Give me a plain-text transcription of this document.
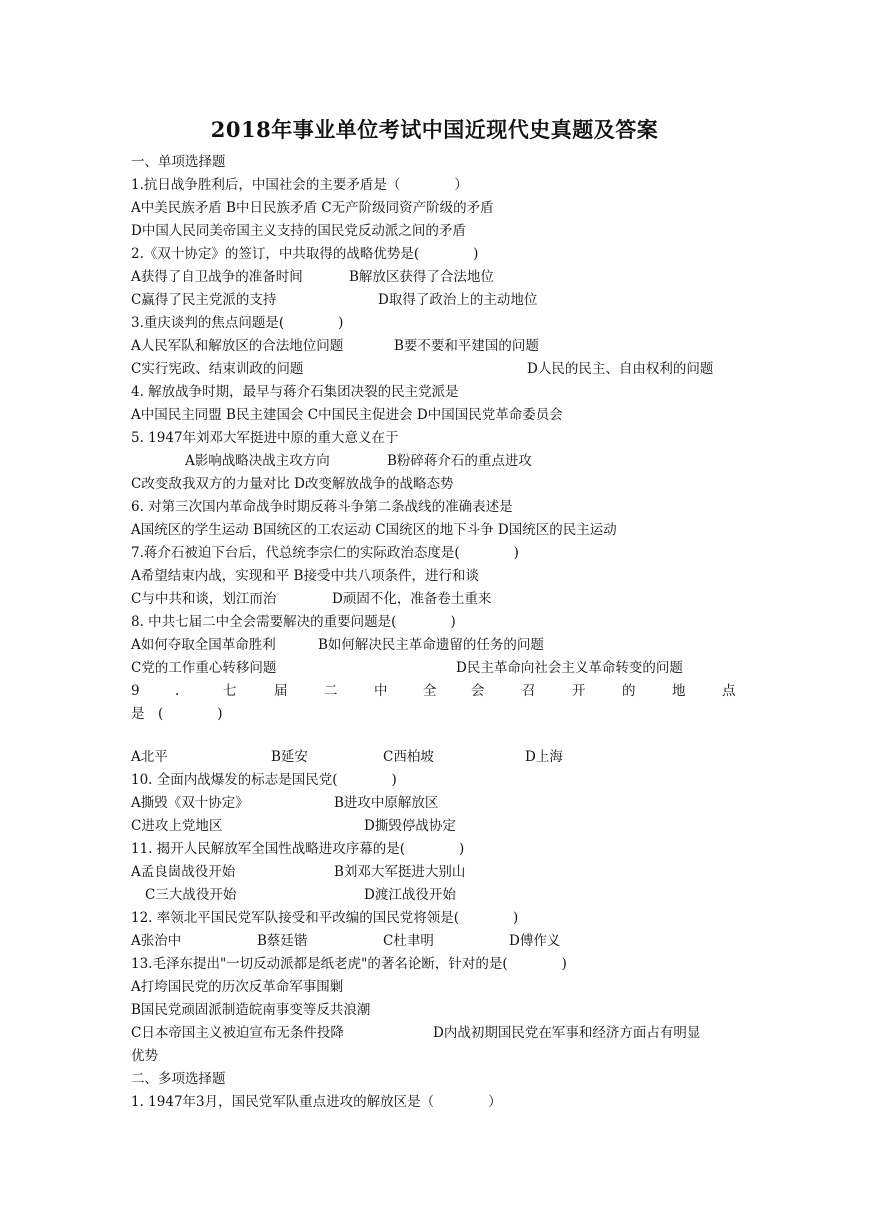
2018年事业单位考试中国近现代史真题及答案
一、单项选择题
1.抗日战争胜利后，中国社会的主要矛盾是（　　　　）
A中美民族矛盾 B中日民族矛盾 C无产阶级同资产阶级的矛盾
D中国人民同美帝国主义支持的国民党反动派之间的矛盾
2.《双十协定》的签订，中共取得的战略优势是(　　　　)
A获得了自卫战争的准备时间	B解放区获得了合法地位
C赢得了民主党派的支持	D取得了政治上的主动地位
3.重庆谈判的焦点问题是(　　　　)
A人民军队和解放区的合法地位问题	B要不要和平建国的问题
C实行宪政、结束训政的问题	D人民的民主、自由权利的问题
4. 解放战争时期，最早与蒋介石集团决裂的民主党派是
A中国民主同盟 B民主建国会 C中国民主促进会 D中国国民党革命委员会
5. 1947年刘邓大军挺进中原的重大意义在于
A影响战略决战主攻方向	B粉碎蒋介石的重点进攻
C改变敌我双方的力量对比 D改变解放战争的战略态势
6. 对第三次国内革命战争时期反蒋斗争第二条战线的准确表述是
A国统区的学生运动 B国统区的工农运动 C国统区的地下斗争 D国统区的民主运动
7.蒋介石被迫下台后，代总统李宗仁的实际政治态度是(　　　　)
A希望结束内战，实现和平 B接受中共八项条件，进行和谈
C与中共和谈，划江而治	D顽固不化，准备卷土重来
8. 中共七届二中全会需要解决的重要问题是(　　　　)
A如何夺取全国革命胜利	B如何解决民主革命遗留的任务的问题
C党的工作重心转移问题	D民主革命向社会主义革命转变的问题
9	.	七	届	二	中	全	会	召	开	的	地	点
是　(　　　　)
A北平	B延安	C西柏坡	D上海
10. 全面内战爆发的标志是国民党(　　　　)
A撕毁《双十协定》	B进攻中原解放区
C进攻上党地区	D撕毁停战协定
11. 揭开人民解放军全国性战略进攻序幕的是(　　　　)
A孟良崮战役开始	B刘邓大军挺进大别山
C三大战役开始	D渡江战役开始
12. 率领北平国民党军队接受和平改编的国民党将领是(　　　　)
A张治中	B蔡廷锴	C杜聿明	D傅作义
13.毛泽东提出"一切反动派都是纸老虎"的著名论断，针对的是(　　　　)
A打垮国民党的历次反革命军事围剿
B国民党顽固派制造皖南事变等反共浪潮
C日本帝国主义被迫宣布无条件投降	D内战初期国民党在军事和经济方面占有明显
优势
二、多项选择题
1. 1947年3月，国民党军队重点进攻的解放区是（　　　　）
